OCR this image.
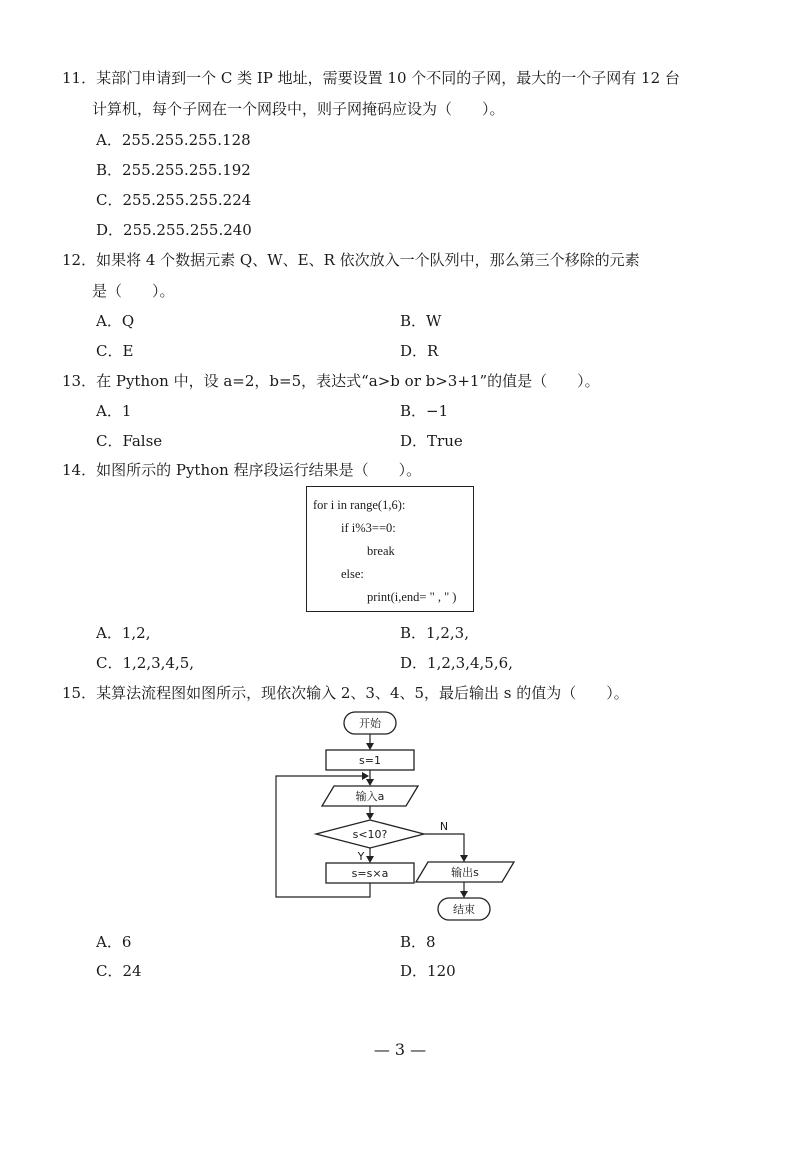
11．某部门申请到一个 C 类 IP 地址，需要设置 10 个不同的子网，最大的一个子网有 12 台
计算机，每个子网在一个网段中，则子网掩码应设为（　　）。
A．255.255.255.128
B．255.255.255.192
C．255.255.255.224
D．255.255.255.240
12．如果将 4 个数据元素 Q、W、E、R 依次放入一个队列中，那么第三个移除的元素
是（　　）。
A．Q	B．W
C．E	D．R
13．在 Python 中，设 a=2，b=5，表达式“a>b or b>3+1”的值是（　　）。
A．1	B．−1
C．False	D．True
14．如图所示的 Python 程序段运行结果是（　　）。
for i in range(1,6):
if i%3==0:
break
else:
print(i,end= " , " )
A．1,2,	B．1,2,3,
C．1,2,3,4,5,	D．1,2,3,4,5,6,
15．某算法流程图如图所示，现依次输入 2、3、4、5，最后输出 s 的值为（　　）。
开始
s=1
输入a
s<10?
Y
s=s×a
N
输出s
结束
A．6	B．8
C．24	D．120
— 3 —
